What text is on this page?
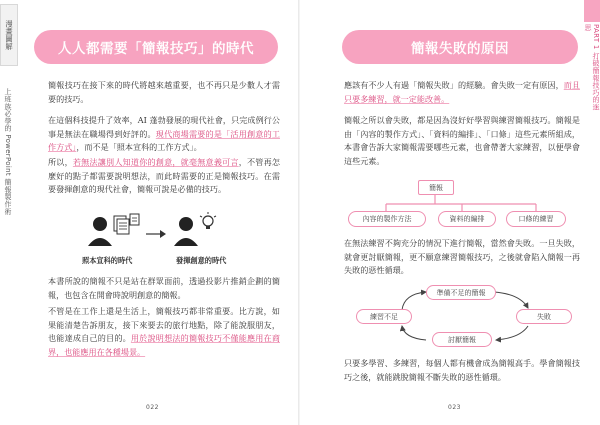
漫畫圖解
上班族必學的 PowerPoint 簡報製作術
人人都需要「簡報技巧」的時代

簡報技巧在接下來的時代將越來越重要，也不再只是少數人才需要的技巧。

在這個科技提升了效率，AI 蓬勃發展的現代社會，只完成例行公事是無法在職場得到好評的。現代商場需要的是「活用創意的工作方式」，而不是「照本宣科的工作方式」。

所以，若無法讓別人知道你的創意，就毫無意義可言，不管再怎麼好的點子都需要說明想法，而此時需要的正是簡報技巧。在需要發揮創意的現代社會，簡報可說是必備的技巧。

照本宣科的時代	發揮創意的時代

本書所說的簡報不只是站在群眾面前，透過投影片推銷企劃的簡報，也包含在開會時說明創意的簡報。

不管是在工作上還是生活上，簡報技巧都非常重要。比方說，如果能清楚告訴朋友，接下來要去的旅行地點，除了能說服朋友，也能達成自己的目的。用於說明想法的簡報技巧不僅能應用在商界，也能應用在各種場景。

022
PART 1 打破簡報技巧的迷思
簡報失敗的原因

應該有不少人有過「簡報失敗」的經驗。會失敗一定有原因，而且只要多練習，就一定能改善。

簡報之所以會失敗，都是因為沒好好學習與練習簡報技巧。簡報是由「內容的製作方式」、「資料的編排」、「口條」這些元素所組成，本書會告訴大家簡報需要哪些元素，也會帶著大家練習，以便學會這些元素。

簡報
內容的製作方法	資料的編排	口條的練習

在無法練習不夠充分的情況下進行簡報，當然會失敗。一旦失敗，就會更討厭簡報，更不願意練習簡報技巧，之後就會陷入簡報一再失敗的惡性循環。

準備不足的簡報
練習不足	失敗
討厭簡報

只要多學習、多練習，每個人都有機會成為簡報高手。學會簡報技巧之後，就能跳脫簡報不斷失敗的惡性循環。

023
